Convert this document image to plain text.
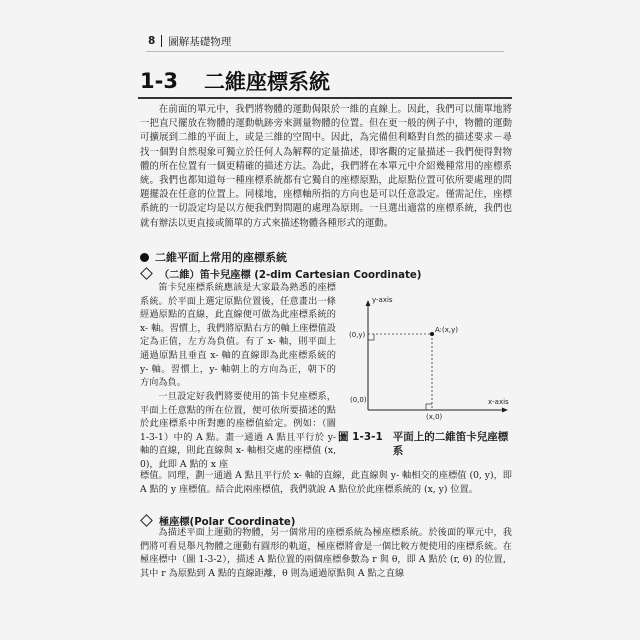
8 圖解基礎物理
1-3 二維座標系統

在前面的單元中，我們將物體的運動侷限於一維的直線上。因此，我們可以簡單地將一把直尺擺放在物體的運動軌跡旁來測量物體的位置。但在更一般的例子中，物體的運動可擴展到二維的平面上，或是三維的空間中。因此，為完備但利略對自然的描述要求－尋找一個對自然現象可獨立於任何人為解釋的定量描述，即客觀的定量描述－我們便得對物體的所在位置有一個更精確的描述方法。為此，我們將在本單元中介紹幾種常用的座標系統。我們也都知道每一種座標系統都有它獨自的座標原點，此原點位置可依所要處理的問題擺設在任意的位置上。同樣地，座標軸所指的方向也是可以任意設定。僅需記住，座標系統的一切設定均是以方便我們對問題的處理為原則。一旦選出適當的座標系統，我們也就有辦法以更直接或簡單的方式來描述物體各種形式的運動。

二維平面上常用的座標系統
（二維）笛卡兒座標 (2-dim Cartesian Coordinate)

笛卡兒座標系統應該是大家最為熟悉的座標系統。於平面上選定原點位置後，任意畫出一條經過原點的直線，此直線便可做為此座標系統的 x- 軸。習慣上，我們將原點右方的軸上座標值設定為正值，左方為負值。有了 x- 軸，則平面上通過原點且垂直 x- 軸的直線即為此座標系統的 y- 軸。習慣上，y- 軸朝上的方向為正，朝下的方向為負。

一旦設定好我們將要使用的笛卡兒座標系，平面上任意點的所在位置，便可依所要描述的點於此座標系中所對應的座標值給定。例如：（圖 1-3-1）中的 A 點。畫一通過 A 點且平行於 y- 軸的直線，則此直線與 x- 軸相交處的座標值 (x, 0)，此即 A 點的 x 座

y-axis
x-axis
A:(x,y)
(0,y)
(0,0)
(x,0)
圖 1-3-1 平面上的二維笛卡兒座標系

標值。同理，劃一通過 A 點且平行於 x- 軸的直線，此直線與 y- 軸相交的座標值 (0, y)，即 A 點的 y 座標值。結合此兩座標值，我們就說 A 點位於此座標系統的 (x, y) 位置。

極座標(Polar Coordinate)

為描述平面上運動的物體，另一個常用的座標系統為極座標系統。於後面的單元中，我們將可看見舉凡物體之運動有圓形的軌道，極座標將會是一個比較方便使用的座標系統。在極座標中（圖 1-3-2），描述 A 點位置的兩個座標參數為 r 與 θ，即 A 點於 (r, θ) 的位置，其中 r 為原點到 A 點的直線距離，θ 則為通過原點與 A 點之直線
